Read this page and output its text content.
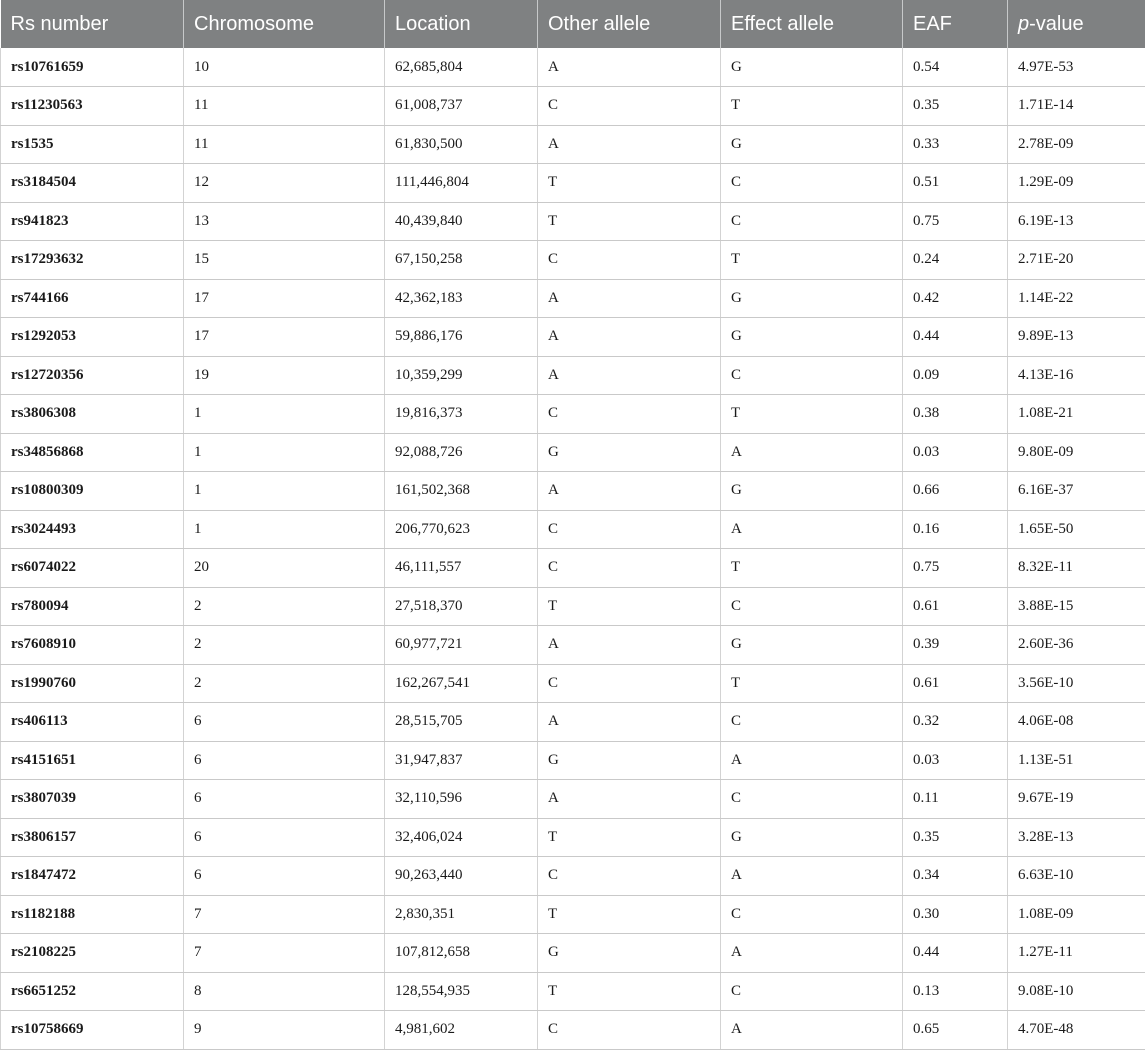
Rs number	Chromosome	Location	Other allele	Effect allele	EAF	p-value
rs10761659	10	62,685,804	A	G	0.54	4.97E-53
rs11230563	11	61,008,737	C	T	0.35	1.71E-14
rs1535	11	61,830,500	A	G	0.33	2.78E-09
rs3184504	12	111,446,804	T	C	0.51	1.29E-09
rs941823	13	40,439,840	T	C	0.75	6.19E-13
rs17293632	15	67,150,258	C	T	0.24	2.71E-20
rs744166	17	42,362,183	A	G	0.42	1.14E-22
rs1292053	17	59,886,176	A	G	0.44	9.89E-13
rs12720356	19	10,359,299	A	C	0.09	4.13E-16
rs3806308	1	19,816,373	C	T	0.38	1.08E-21
rs34856868	1	92,088,726	G	A	0.03	9.80E-09
rs10800309	1	161,502,368	A	G	0.66	6.16E-37
rs3024493	1	206,770,623	C	A	0.16	1.65E-50
rs6074022	20	46,111,557	C	T	0.75	8.32E-11
rs780094	2	27,518,370	T	C	0.61	3.88E-15
rs7608910	2	60,977,721	A	G	0.39	2.60E-36
rs1990760	2	162,267,541	C	T	0.61	3.56E-10
rs406113	6	28,515,705	A	C	0.32	4.06E-08
rs4151651	6	31,947,837	G	A	0.03	1.13E-51
rs3807039	6	32,110,596	A	C	0.11	9.67E-19
rs3806157	6	32,406,024	T	G	0.35	3.28E-13
rs1847472	6	90,263,440	C	A	0.34	6.63E-10
rs1182188	7	2,830,351	T	C	0.30	1.08E-09
rs2108225	7	107,812,658	G	A	0.44	1.27E-11
rs6651252	8	128,554,935	T	C	0.13	9.08E-10
rs10758669	9	4,981,602	C	A	0.65	4.70E-48
